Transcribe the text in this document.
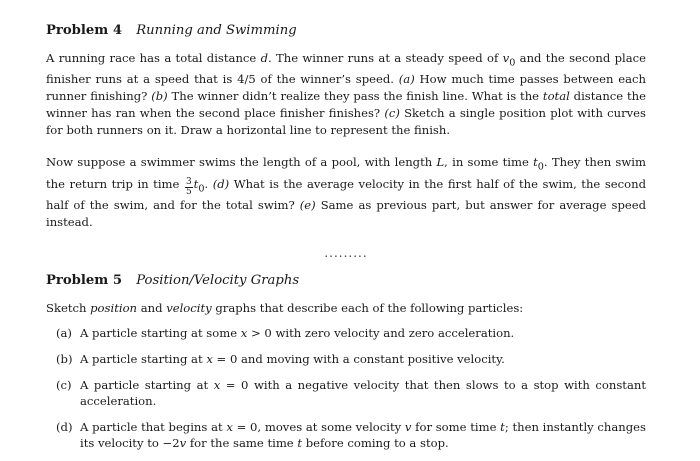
Problem 4 Running and Swimming

A running race has a total distance d. The winner runs at a steady speed of $v_0$ and the second place finisher runs at a speed that is 4/5 of the winner’s speed. (a) How much time passes between each runner finishing? (b) The winner didn’t realize they pass the finish line. What is the total distance the winner has ran when the second place finisher finishes? (c) Sketch a single position plot with curves for both runners on it. Draw a horizontal line to represent the finish.

Now suppose a swimmer swims the length of a pool, with length L, in some time $t_0$. They then swim the return trip in time $\frac{3}{5} t_0$. (d) What is the average velocity in the first half of the swim, the second half of the swim, and for the total swim? (e) Same as previous part, but answer for average speed instead.

.........
Problem 5 Position/Velocity Graphs

Sketch position and velocity graphs that describe each of the following particles:

(a) A particle starting at some x > 0 with zero velocity and zero acceleration.
(b) A particle starting at x = 0 and moving with a constant positive velocity.
(c) A particle starting at x = 0 with a negative velocity that then slows to a stop with constant acceleration.
(d) A particle that begins at x = 0, moves at some velocity v for some time t; then instantly changes its velocity to −2v for the same time t before coming to a stop.
